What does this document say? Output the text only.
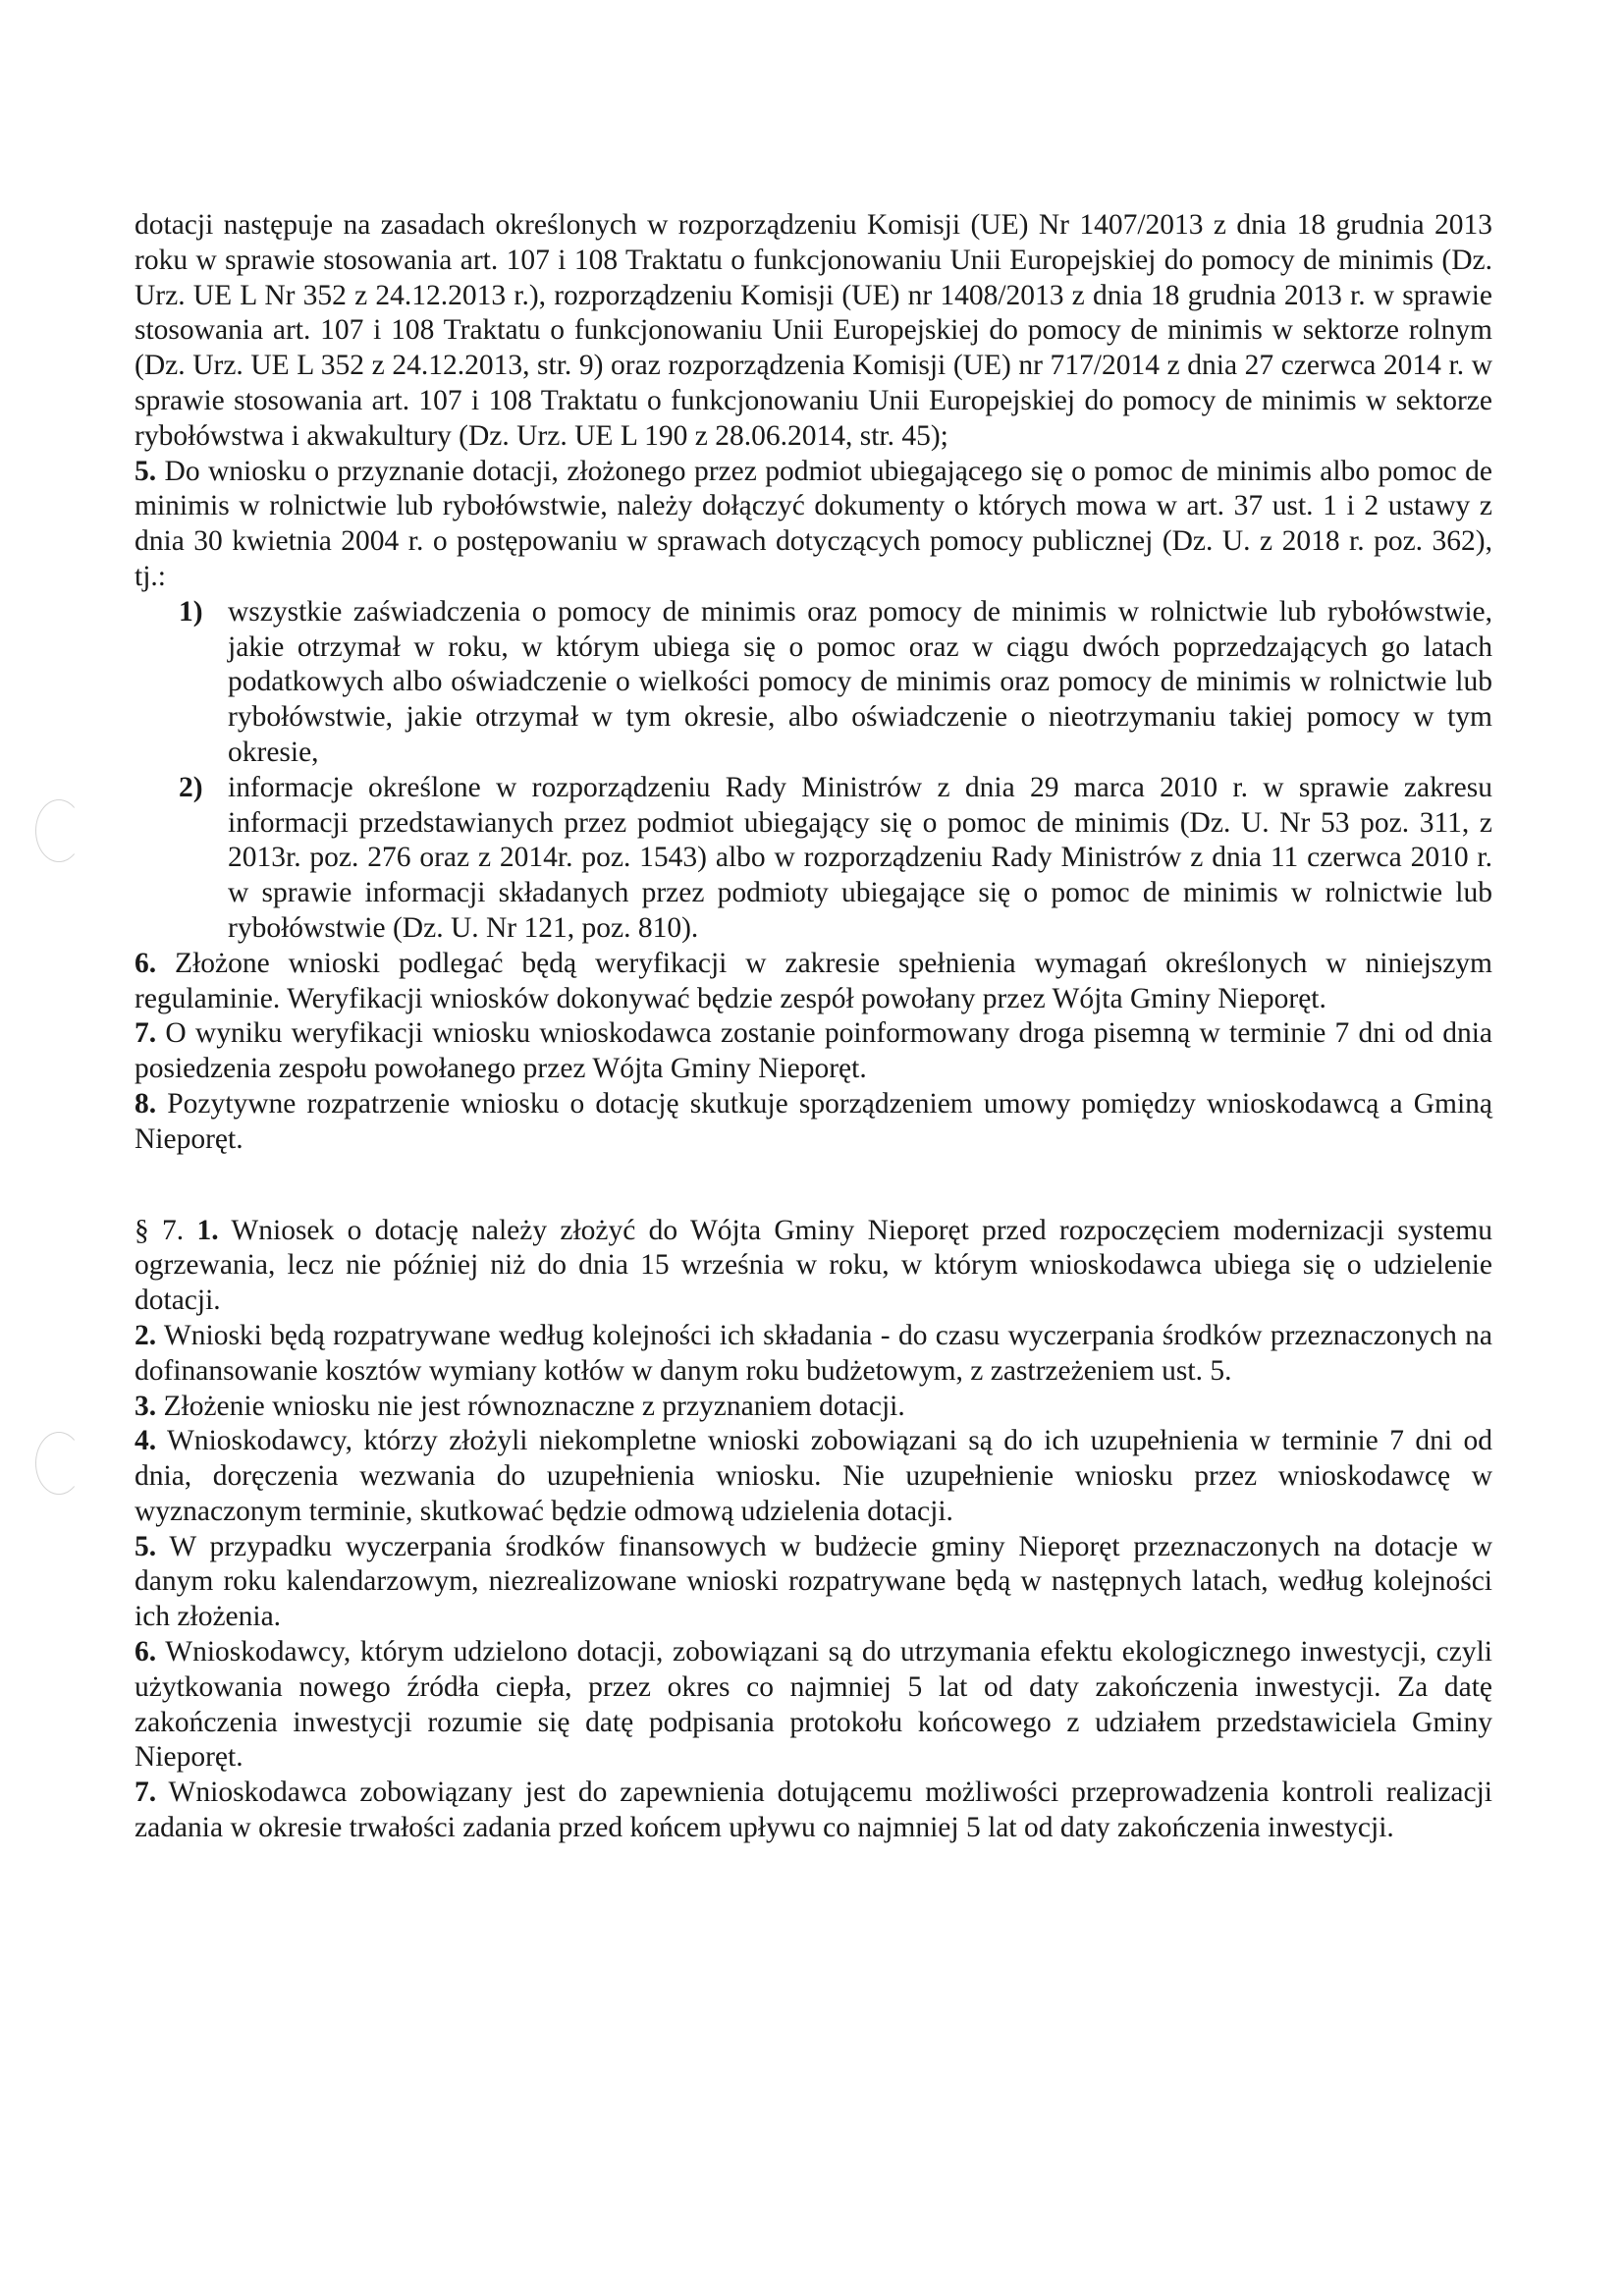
dotacji następuje na zasadach określonych w rozporządzeniu Komisji (UE) Nr 1407/2013 z dnia 18 grudnia 2013 roku w sprawie stosowania art. 107 i 108 Traktatu o funkcjonowaniu Unii Europejskiej do pomocy de minimis (Dz. Urz. UE L Nr 352 z 24.12.2013 r.), rozporządzeniu Komisji (UE) nr 1408/2013 z dnia 18 grudnia 2013 r. w sprawie stosowania art. 107 i 108 Traktatu o funkcjonowaniu Unii Europejskiej do pomocy de minimis w sektorze rolnym (Dz. Urz. UE L 352 z 24.12.2013, str. 9) oraz rozporządzenia Komisji (UE) nr 717/2014 z dnia 27 czerwca 2014 r. w sprawie stosowania art. 107 i 108 Traktatu o funkcjonowaniu Unii Europejskiej do pomocy de minimis w sektorze rybołówstwa i akwakultury (Dz. Urz. UE L 190 z 28.06.2014, str. 45);

5. Do wniosku o przyznanie dotacji, złożonego przez podmiot ubiegającego się o pomoc de minimis albo pomoc de minimis w rolnictwie lub rybołówstwie, należy dołączyć dokumenty o których mowa w art. 37 ust. 1 i 2 ustawy z dnia 30 kwietnia 2004 r. o postępowaniu w sprawach dotyczących pomocy publicznej (Dz. U. z 2018 r. poz. 362), tj.:

1) wszystkie zaświadczenia o pomocy de minimis oraz pomocy de minimis w rolnictwie lub rybołówstwie, jakie otrzymał w roku, w którym ubiega się o pomoc oraz w ciągu dwóch poprzedzających go latach podatkowych albo oświadczenie o wielkości pomocy de minimis oraz pomocy de minimis w rolnictwie lub rybołówstwie, jakie otrzymał w tym okresie, albo oświadczenie o nieotrzymaniu takiej pomocy w tym okresie,
2) informacje określone w rozporządzeniu Rady Ministrów z dnia 29 marca 2010 r. w sprawie zakresu informacji przedstawianych przez podmiot ubiegający się o pomoc de minimis (Dz. U. Nr 53 poz. 311, z 2013r. poz. 276 oraz z 2014r. poz. 1543) albo w rozporządzeniu Rady Ministrów z dnia 11 czerwca 2010 r. w sprawie informacji składanych przez podmioty ubiegające się o pomoc de minimis w rolnictwie lub rybołówstwie (Dz. U. Nr 121, poz. 810).

6. Złożone wnioski podlegać będą weryfikacji w zakresie spełnienia wymagań określonych w niniejszym regulaminie. Weryfikacji wniosków dokonywać będzie zespół powołany przez Wójta Gminy Nieporęt.

7. O wyniku weryfikacji wniosku wnioskodawca zostanie poinformowany droga pisemną w terminie 7 dni od dnia posiedzenia zespołu powołanego przez Wójta Gminy Nieporęt.

8. Pozytywne rozpatrzenie wniosku o dotację skutkuje sporządzeniem umowy pomiędzy wnioskodawcą a Gminą Nieporęt.

§ 7. 1. Wniosek o dotację należy złożyć do Wójta Gminy Nieporęt przed rozpoczęciem modernizacji systemu ogrzewania, lecz nie później niż do dnia 15 września w roku, w którym wnioskodawca ubiega się o udzielenie dotacji.

2. Wnioski będą rozpatrywane według kolejności ich składania - do czasu wyczerpania środków przeznaczonych na dofinansowanie kosztów wymiany kotłów w danym roku budżetowym, z zastrzeżeniem ust. 5.

3. Złożenie wniosku nie jest równoznaczne z przyznaniem dotacji.

4. Wnioskodawcy, którzy złożyli niekompletne wnioski zobowiązani są do ich uzupełnienia w terminie 7 dni od dnia, doręczenia wezwania do uzupełnienia wniosku. Nie uzupełnienie wniosku przez wnioskodawcę w wyznaczonym terminie, skutkować będzie odmową udzielenia dotacji.

5. W przypadku wyczerpania środków finansowych w budżecie gminy Nieporęt przeznaczonych na dotacje w danym roku kalendarzowym, niezrealizowane wnioski rozpatrywane będą w następnych latach, według kolejności ich złożenia.

6. Wnioskodawcy, którym udzielono dotacji, zobowiązani są do utrzymania efektu ekologicznego inwestycji, czyli użytkowania nowego źródła ciepła, przez okres co najmniej 5 lat od daty zakończenia inwestycji. Za datę zakończenia inwestycji rozumie się datę podpisania protokołu końcowego z udziałem przedstawiciela Gminy Nieporęt.

7. Wnioskodawca zobowiązany jest do zapewnienia dotującemu możliwości przeprowadzenia kontroli realizacji zadania w okresie trwałości zadania przed końcem upływu co najmniej 5 lat od daty zakończenia inwestycji.
